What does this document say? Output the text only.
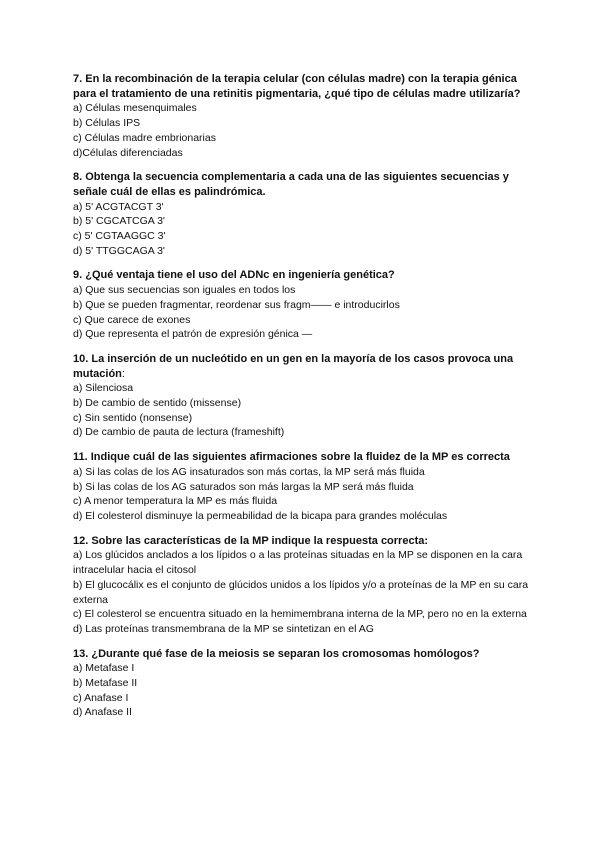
7. En la recombinación de la terapia celular (con células madre) con la terapia génica para el tratamiento de una retinitis pigmentaria, ¿qué tipo de células madre utilizaría?

a) Células mesenquimales
b) Células IPS
c) Células madre embrionarias
d)Células diferenciadas

8. Obtenga la secuencia complementaria a cada una de las siguientes secuencias y señale cuál de ellas es palindrómica.

a) 5' ACGTACGT 3'
b) 5' CGCATCGA 3'
c) 5' CGTAAGGC 3'
d) 5' TTGGCAGA 3'

9. ¿Qué ventaja tiene el uso del ADNc en ingeniería genética?

a) Que sus secuencias son iguales en todos los
b) Que se pueden fragmentar, reordenar sus fragm—— e introducirlos
c) Que carece de exones
d) Que representa el patrón de expresión génica —

10. La inserción de un nucleótido en un gen en la mayoría de los casos provoca una mutación:

a) Silenciosa
b) De cambio de sentido (missense)
c) Sin sentido (nonsense)
d) De cambio de pauta de lectura (frameshift)

11. Indique cuál de las siguientes afirmaciones sobre la fluidez de la MP es correcta

a) Si las colas de los AG insaturados son más cortas, la MP será más fluida
b) Si las colas de los AG saturados son más largas la MP será más fluida
c) A menor temperatura la MP es más fluida
d) El colesterol disminuye la permeabilidad de la bicapa para grandes moléculas

12. Sobre las características de la MP indique la respuesta correcta:

a) Los glúcidos anclados a los lípidos o a las proteínas situadas en la MP se disponen en la cara intracelular hacia el citosol
b) El glucocálix es el conjunto de glúcidos unidos a los lípidos y/o a proteínas de la MP en su cara externa
c) El colesterol se encuentra situado en la hemimembrana interna de la MP, pero no en la externa
d) Las proteínas transmembrana de la MP se sintetizan en el AG

13. ¿Durante qué fase de la meiosis se separan los cromosomas homólogos?

a) Metafase I
b) Metafase II
c) Anafase I
d) Anafase II
